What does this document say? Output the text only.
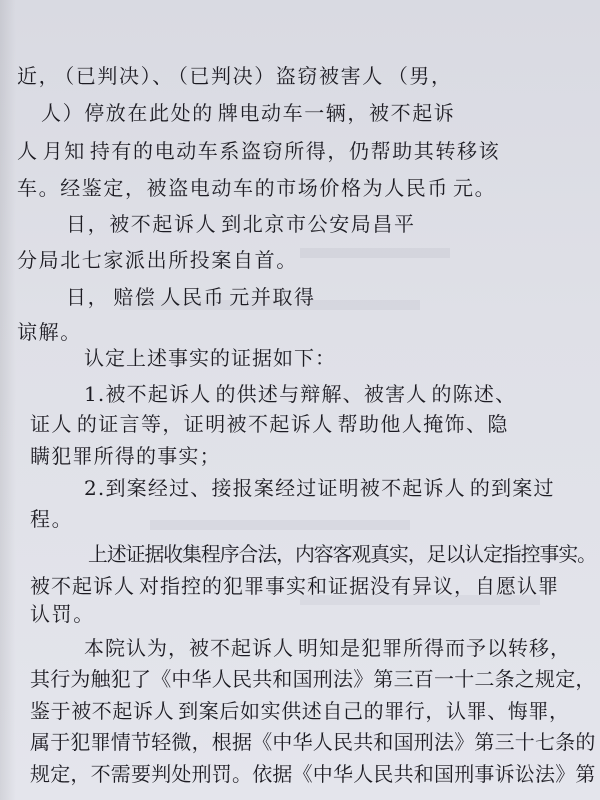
近， （已判决）、 （已判决）盗窃被害人 （男，
人）停放在此处的 牌电动车一辆，被不起诉
人 月知 持有的电动车系盗窃所得，仍帮助其转移该
车。经鉴定，被盗电动车的市场价格为人民币 元。
日，被不起诉人 到北京市公安局昌平
分局北七家派出所投案自首。
日， 赔偿 人民币 元并取得
谅解。
认定上述事实的证据如下：
1.被不起诉人 的供述与辩解、被害人 的陈述、
证人 的证言等，证明被不起诉人 帮助他人掩饰、隐
瞒犯罪所得的事实；
2.到案经过、接报案经过证明被不起诉人 的到案过
程。
上述证据收集程序合法，内容客观真实，足以认定指控事实。
被不起诉人 对指控的犯罪事实和证据没有异议，自愿认罪
认罚。
本院认为，被不起诉人 明知是犯罪所得而予以转移，
其行为触犯了《中华人民共和国刑法》第三百一十二条之规定，
鉴于被不起诉人 到案后如实供述自己的罪行，认罪、悔罪，
属于犯罪情节轻微，根据《中华人民共和国刑法》第三十七条的
规定，不需要判处刑罚。依据《中华人民共和国刑事诉讼法》第
